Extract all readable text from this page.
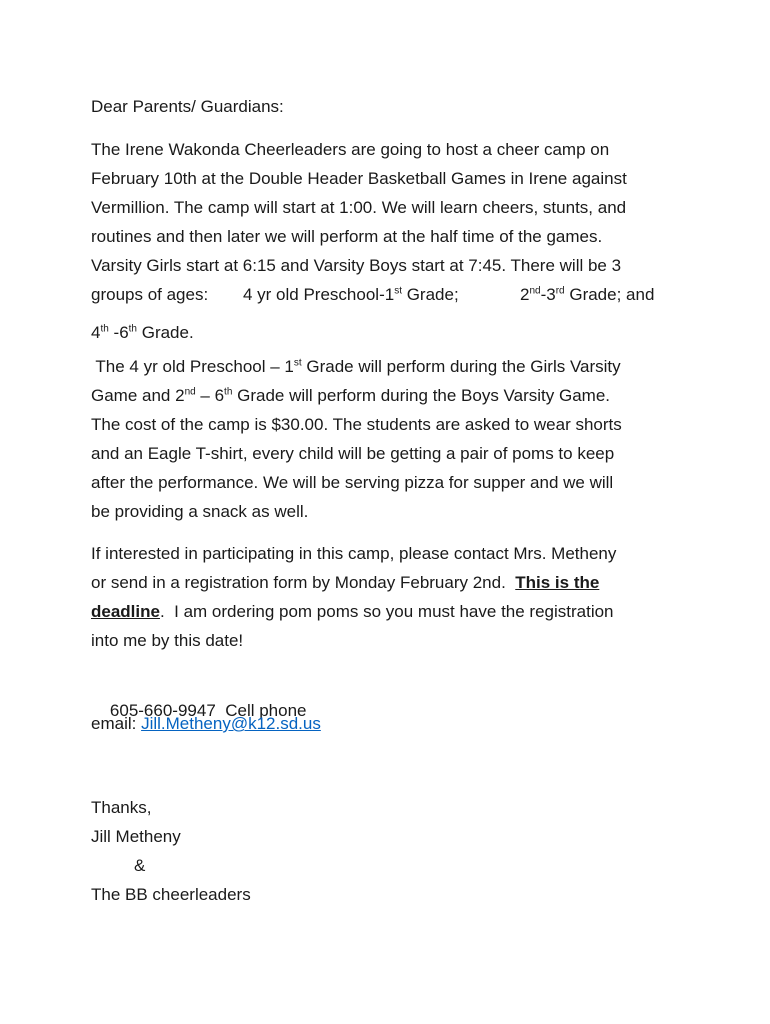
Dear Parents/ Guardians:

The Irene Wakonda Cheerleaders are going to host a cheer camp on
February 10th at the Double Header Basketball Games in Irene against
Vermillion. The camp will start at 1:00. We will learn cheers, stunts, and
routines and then later we will perform at the half time of the games.
Varsity Girls start at 6:15 and Varsity Boys start at 7:45. There will be 3

groups of ages: 4 yr old Preschool-1st Grade;	2nd-3rd Grade; and

4th -6th Grade.

The 4 yr old Preschool – 1st Grade will perform during the Girls Varsity
Game and 2nd – 6th Grade will perform during the Boys Varsity Game.
The cost of the camp is $30.00. The students are asked to wear shorts
and an Eagle T-shirt, every child will be getting a pair of poms to keep
after the performance. We will be serving pizza for supper and we will
be providing a snack as well.

If interested in participating in this camp, please contact Mrs. Metheny
or send in a registration form by Monday February 2nd.  This is the
deadline.  I am ordering pom poms so you must have the registration
into me by this date!

605-660-9947  Cell phone

email: Jill.Metheny@k12.sd.us

Thanks,
Jill Metheny
&
The BB cheerleaders
